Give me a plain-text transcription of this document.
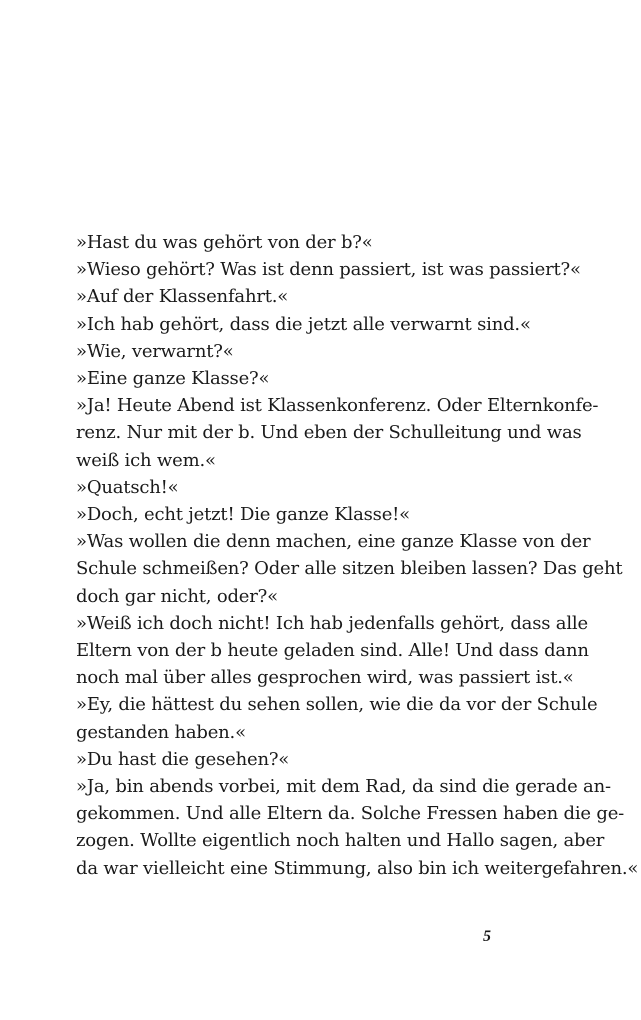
»Hast du was gehört von der b?«
»Wieso gehört? Was ist denn passiert, ist was passiert?«
»Auf der Klassenfahrt.«
»Ich hab gehört, dass die jetzt alle verwarnt sind.«
»Wie, verwarnt?«
»Eine ganze Klasse?«
»Ja! Heute Abend ist Klassenkonferenz. Oder Elternkonfe-
renz. Nur mit der b. Und eben der Schulleitung und was
weiß ich wem.«
»Quatsch!«
»Doch, echt jetzt! Die ganze Klasse!«
»Was wollen die denn machen, eine ganze Klasse von der
Schule schmeißen? Oder alle sitzen bleiben lassen? Das geht
doch gar nicht, oder?«
»Weiß ich doch nicht! Ich hab jedenfalls gehört, dass alle
Eltern von der b heute geladen sind. Alle! Und dass dann
noch mal über alles gesprochen wird, was passiert ist.«
»Ey, die hättest du sehen sollen, wie die da vor der Schule
gestanden haben.«
»Du hast die gesehen?«
»Ja, bin abends vorbei, mit dem Rad, da sind die gerade an-
gekommen. Und alle Eltern da. Solche Fressen haben die ge-
zogen. Wollte eigentlich noch halten und Hallo sagen, aber
da war vielleicht eine Stimmung, also bin ich weitergefahren.«
5
